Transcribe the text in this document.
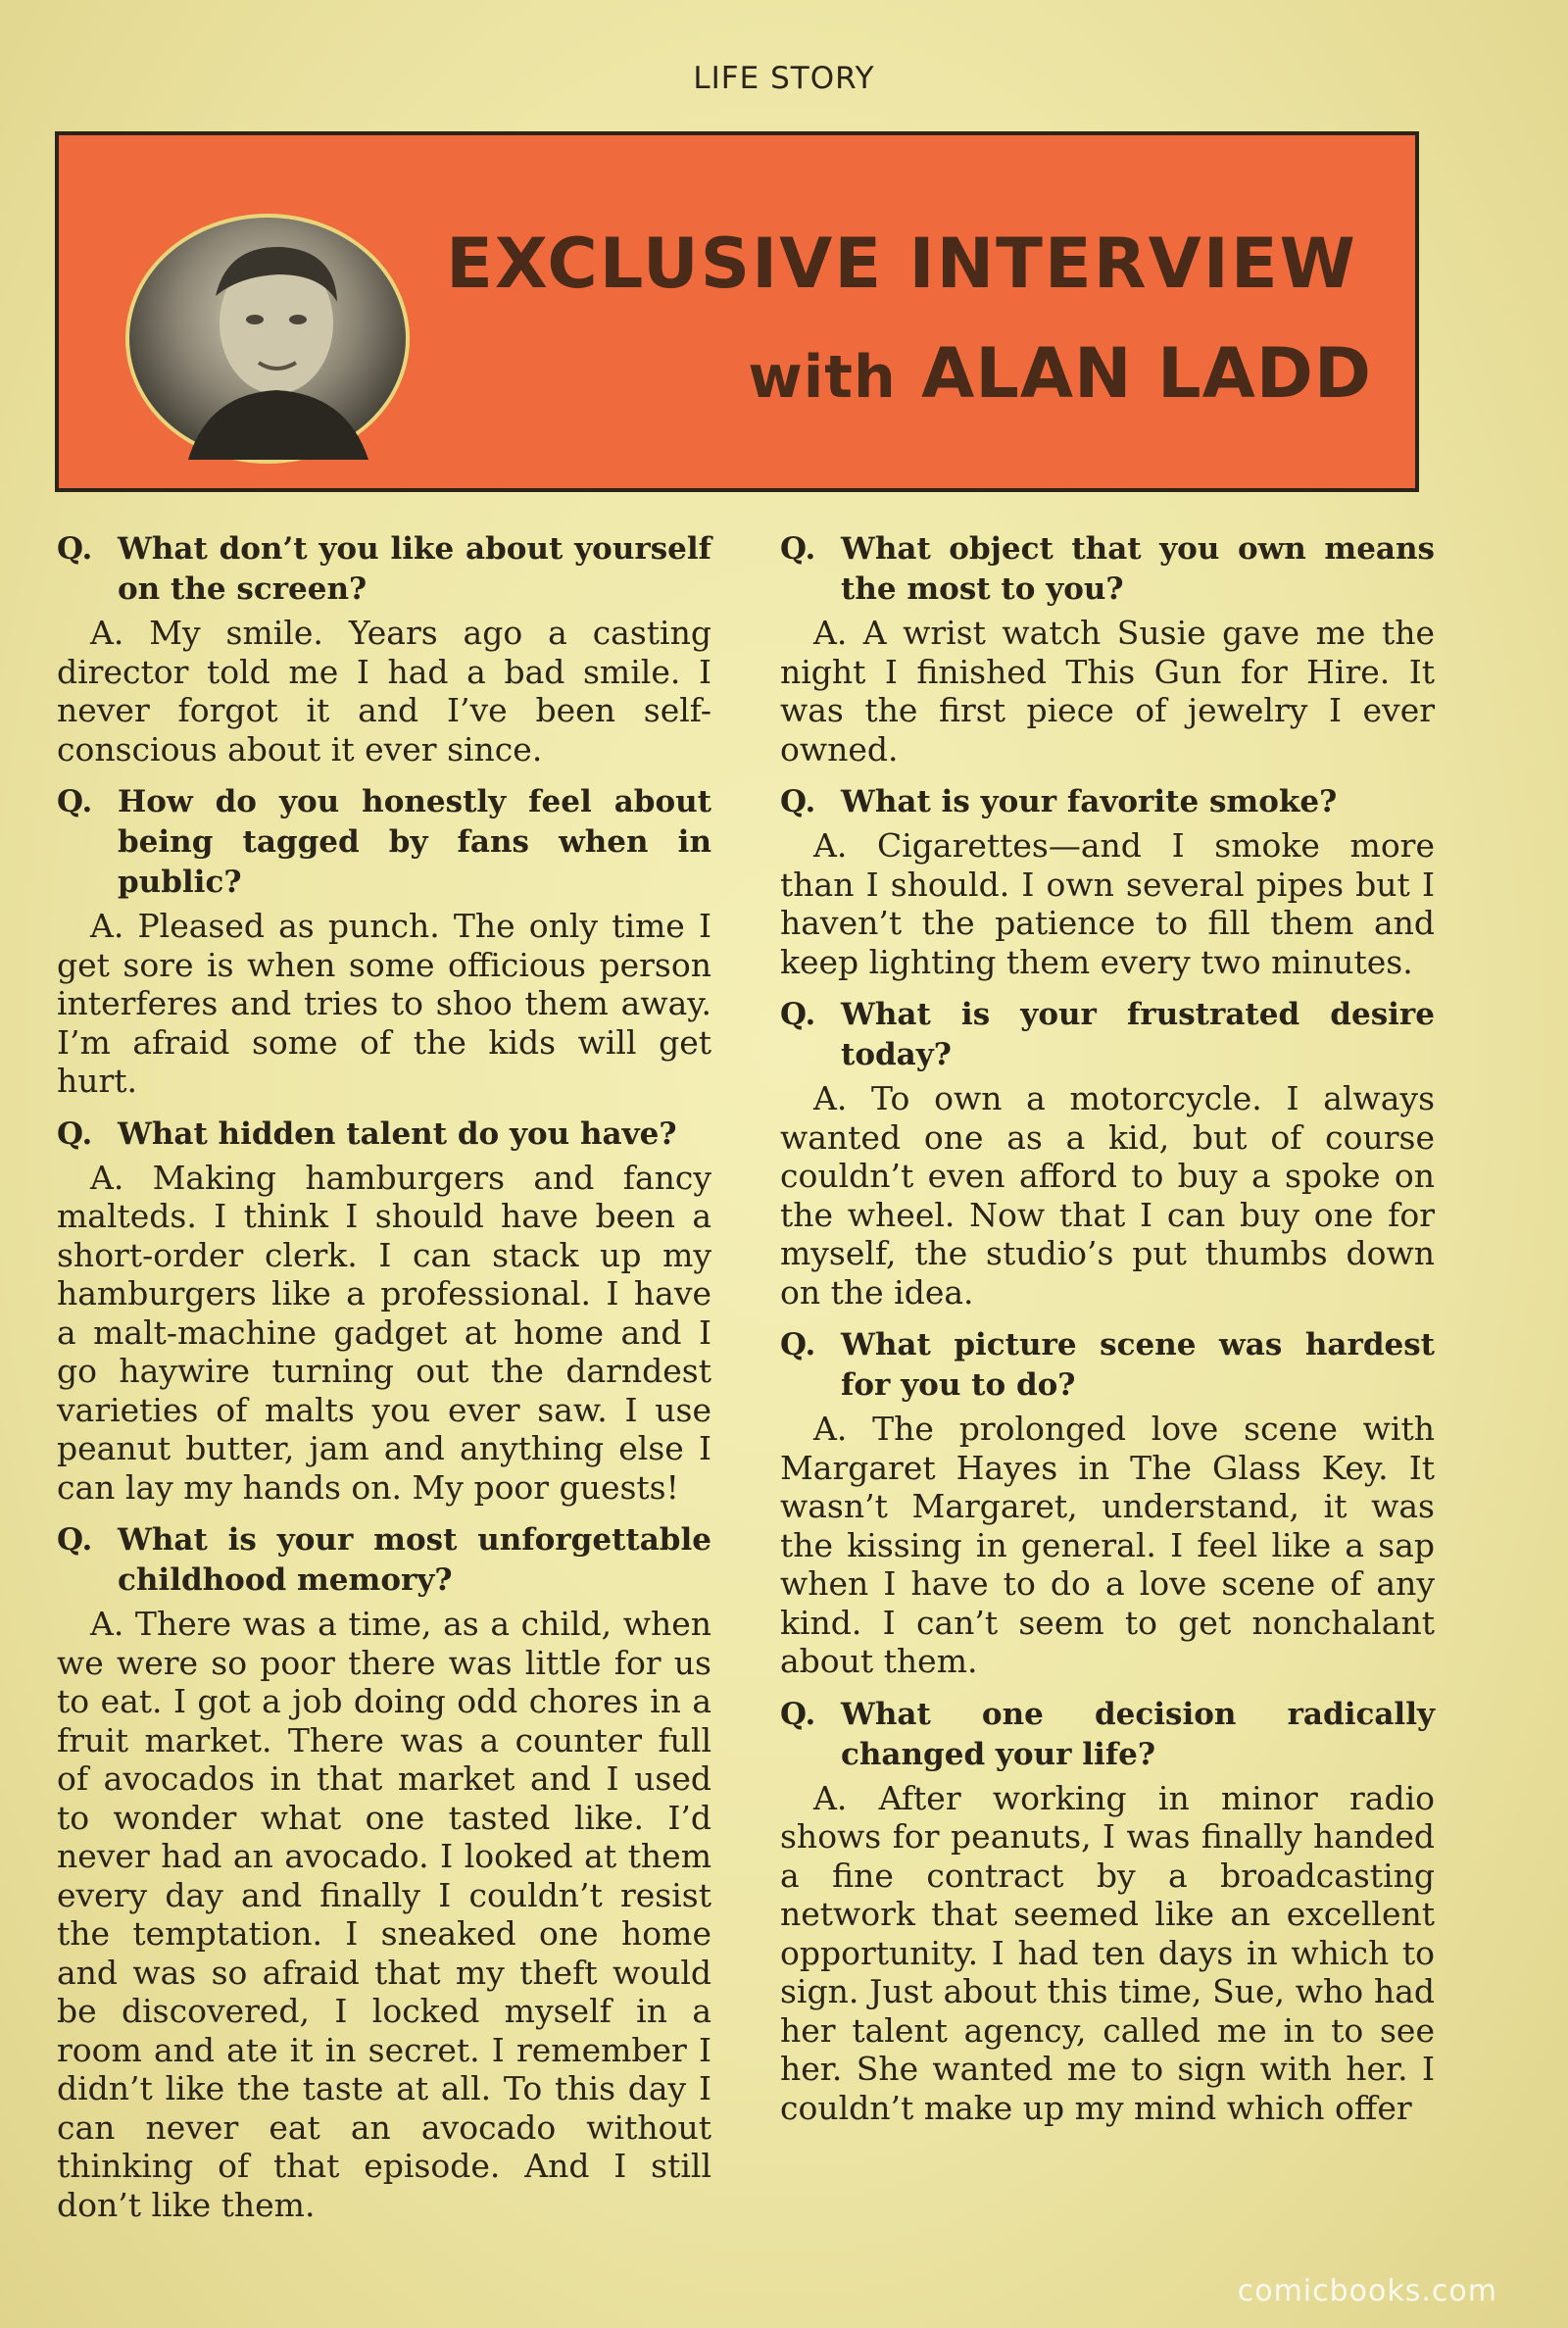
LIFE STORY
EXCLUSIVE INTERVIEW
with ALAN LADD

Q. What don’t you like about yourself on the screen?

A. My smile. Years ago a casting director told me I had a bad smile. I never forgot it and I’ve been self-conscious about it ever since.

Q. How do you honestly feel about being tagged by fans when in public?

A. Pleased as punch. The only time I get sore is when some officious person interferes and tries to shoo them away. I’m afraid some of the kids will get hurt.

Q. What hidden talent do you have?

A. Making hamburgers and fancy malteds. I think I should have been a short-order clerk. I can stack up my hamburgers like a professional. I have a malt-machine gadget at home and I go haywire turning out the darndest varieties of malts you ever saw. I use peanut butter, jam and anything else I can lay my hands on. My poor guests!

Q. What is your most unforgettable childhood memory?

A. There was a time, as a child, when we were so poor there was little for us to eat. I got a job doing odd chores in a fruit market. There was a counter full of avocados in that market and I used to wonder what one tasted like. I’d never had an avocado. I looked at them every day and finally I couldn’t resist the temptation. I sneaked one home and was so afraid that my theft would be discovered, I locked myself in a room and ate it in secret. I remember I didn’t like the taste at all. To this day I can never eat an avocado without thinking of that episode. And I still don’t like them.

Q. What object that you own means the most to you?

A. A wrist watch Susie gave me the night I finished This Gun for Hire. It was the first piece of jewelry I ever owned.

Q. What is your favorite smoke?

A. Cigarettes—and I smoke more than I should. I own several pipes but I haven’t the patience to fill them and keep lighting them every two minutes.

Q. What is your frustrated desire today?

A. To own a motorcycle. I always wanted one as a kid, but of course couldn’t even afford to buy a spoke on the wheel. Now that I can buy one for myself, the studio’s put thumbs down on the idea.

Q. What picture scene was hardest for you to do?

A. The prolonged love scene with Margaret Hayes in The Glass Key. It wasn’t Margaret, understand, it was the kissing in general. I feel like a sap when I have to do a love scene of any kind. I can’t seem to get nonchalant about them.

Q. What one decision radically changed your life?

A. After working in minor radio shows for peanuts, I was finally handed a fine contract by a broadcasting network that seemed like an excellent opportunity. I had ten days in which to sign. Just about this time, Sue, who had her talent agency, called me in to see her. She wanted me to sign with her. I couldn’t make up my mind which offer

comicbooks.com
